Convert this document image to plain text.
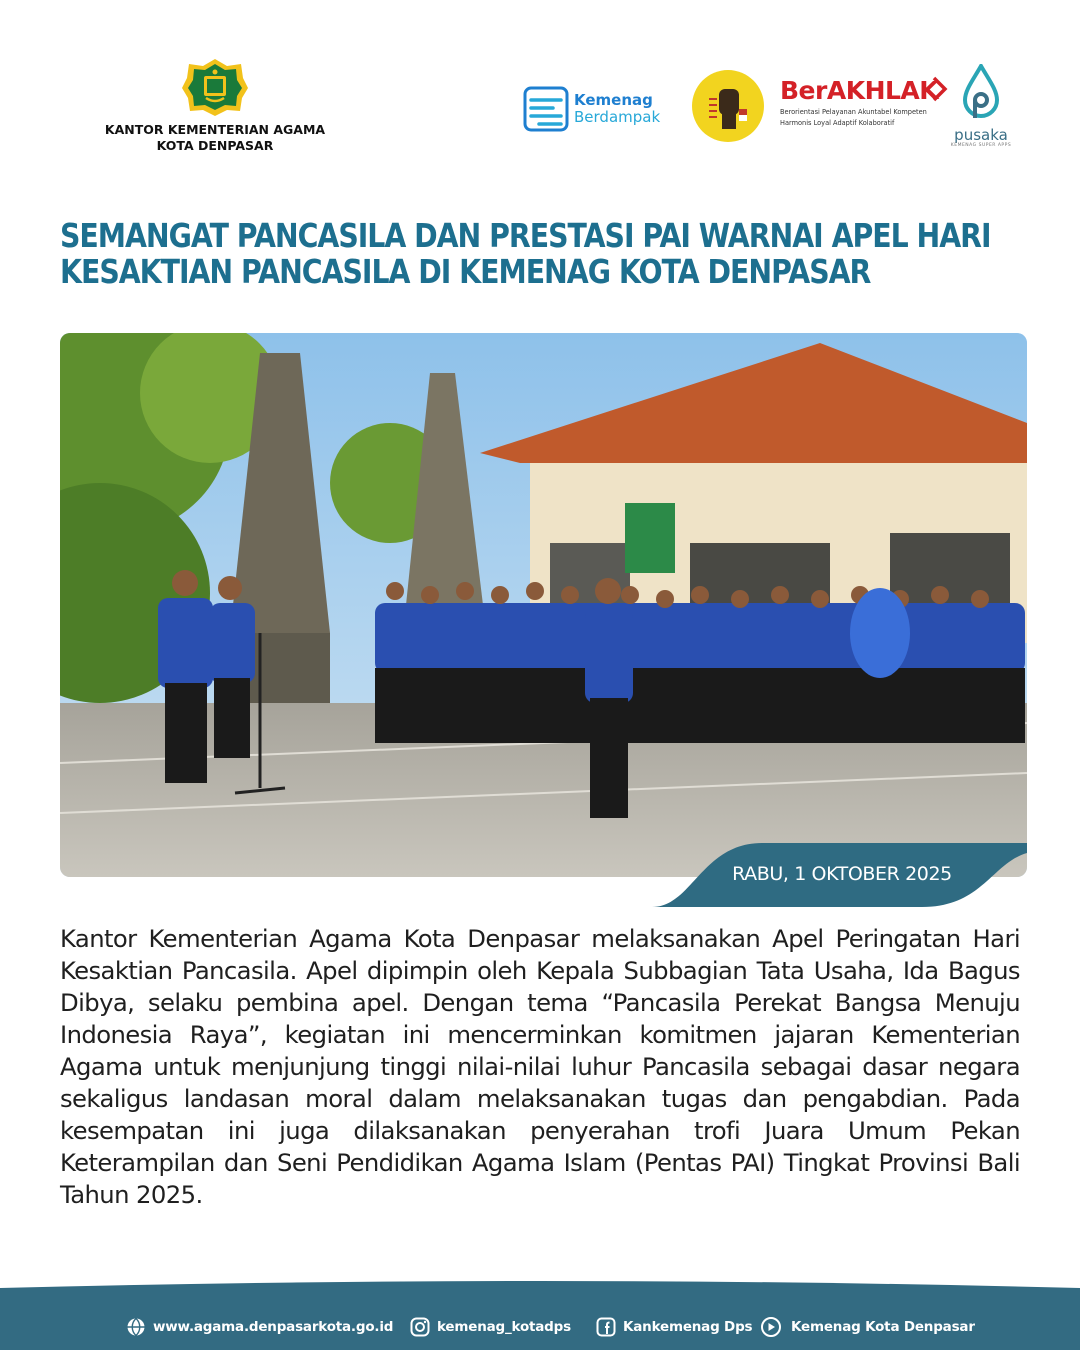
KANTOR KEMENTERIAN AGAMA
KOTA DENPASAR
Kemenag
Berdampak
BerAKHLAK
Berorientasi Pelayanan Akuntabel Kompeten
Harmonis Loyal Adaptif Kolaboratif
pusaka
KEMENAG SUPER APPS
SEMANGAT PANCASILA DAN PRESTASI PAI WARNAI APEL HARI KESAKTIAN PANCASILA DI KEMENAG KOTA DENPASAR
RABU, 1 OKTOBER 2025

Kantor Kementerian Agama Kota Denpasar melaksanakan Apel Peringatan Hari Kesaktian Pancasila. Apel dipimpin oleh Kepala Subbagian Tata Usaha, Ida Bagus Dibya, selaku pembina apel. Dengan tema “Pancasila Perekat Bangsa Menuju Indonesia Raya”, kegiatan ini mencerminkan komitmen jajaran Kementerian Agama untuk menjunjung tinggi nilai-nilai luhur Pancasila sebagai dasar negara sekaligus landasan moral dalam melaksanakan tugas dan pengabdian. Pada kesempatan ini juga dilaksanakan penyerahan trofi Juara Umum Pekan Keterampilan dan Seni Pendidikan Agama Islam (Pentas PAI) Tingkat Provinsi Bali Tahun 2025.

www.agama.denpasarkota.go.id	kemenag_kotadps	Kankemenag Dps	Kemenag Kota Denpasar
